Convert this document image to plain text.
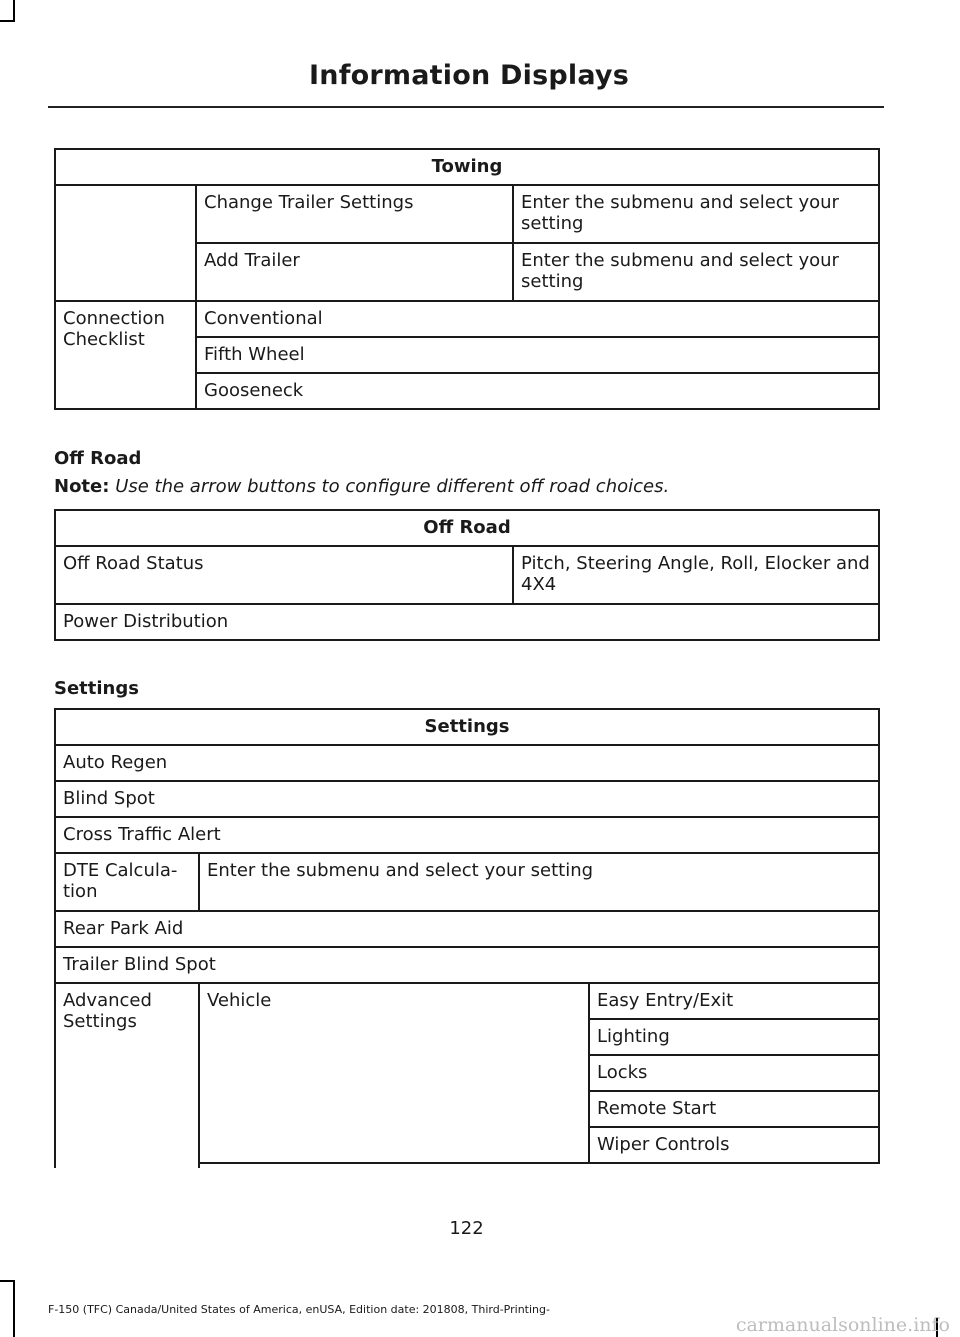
Information Displays
Towing		
	Change Trailer Settings	Enter the submenu and select your setting
	Add Trailer	Enter the submenu and select your setting
Connection Checklist	Conventional	
	Fifth Wheel	
	Gooseneck	
Off Road
Note: Use the arrow buttons to configure different off road choices.
Off Road
Off Road Status	Pitch, Steering Angle, Roll, Elocker and 4X4
Power Distribution
Settings
Settings		
Auto Regen		
Blind Spot		
Cross Traffic Alert		
DTE Calcula-tion	Enter the submenu and select your setting	
Rear Park Aid		
Trailer Blind Spot		
Advanced Settings	Vehicle	Easy Entry/Exit
		Lighting
		Locks
		Remote Start
		Wiper Controls

122
F-150 (TFC) Canada/United States of America, enUSA, Edition date: 201808, Third-Printing-
carmanualsonline.info
